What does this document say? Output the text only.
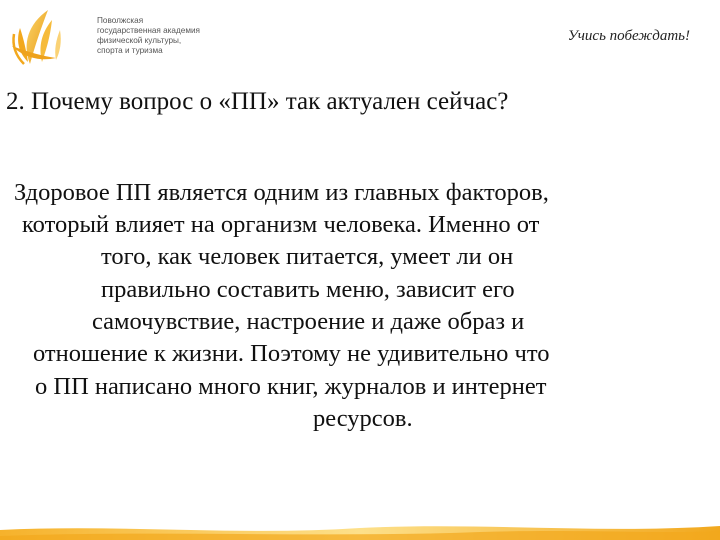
Поволжская
государственная академия
физической культуры,
спорта и туризма
Учись побеждать!
2. Почему вопрос о «ПП» так актуален сейчас?
Здоровое ПП является одним из главных факторов,
который влияет на организм человека. Именно от
того, как человек питается, умеет ли он
правильно составить меню, зависит его
самочувствие, настроение и даже образ и
отношение к жизни. Поэтому не удивительно что
о ПП написано много книг, журналов и интернет
ресурсов.
